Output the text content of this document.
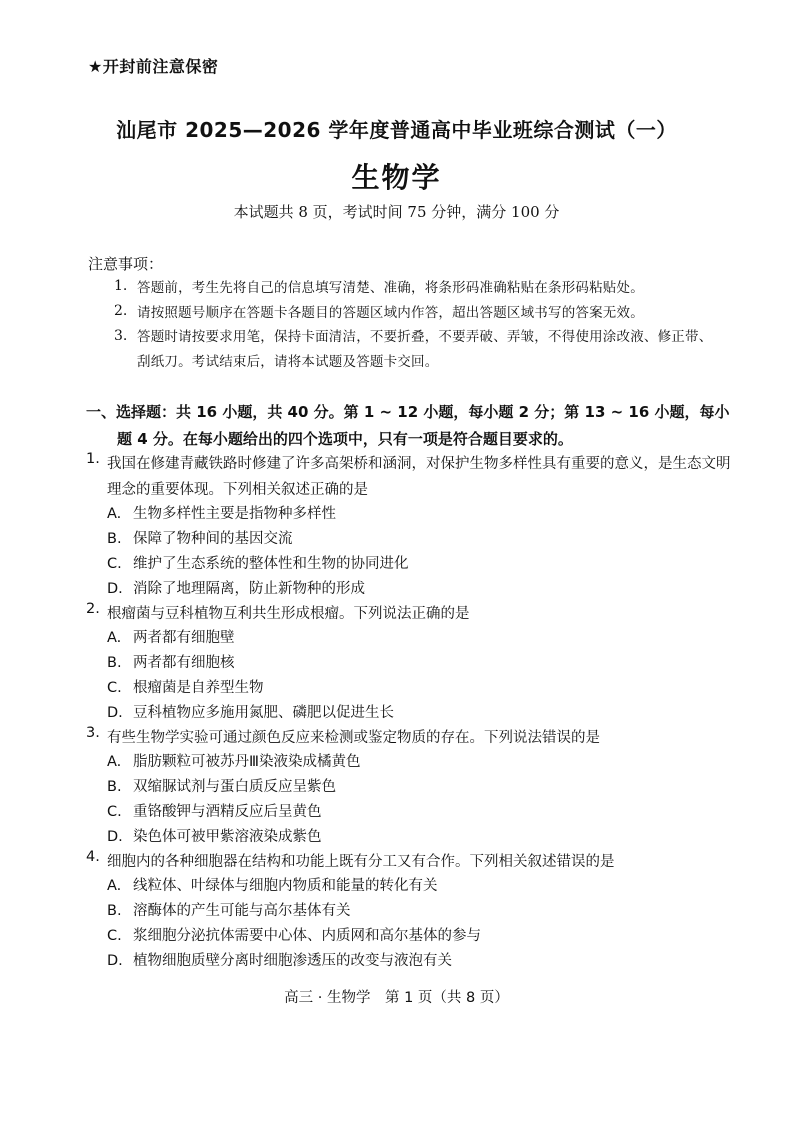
★开封前注意保密
汕尾市 2025—2026 学年度普通高中毕业班综合测试（一）
生物学
本试题共 8 页，考试时间 75 分钟，满分 100 分
注意事项：
1. 答题前，考生先将自己的信息填写清楚、准确，将条形码准确粘贴在条形码粘贴处。
2. 请按照题号顺序在答题卡各题目的答题区域内作答，超出答题区域书写的答案无效。
3. 答题时请按要求用笔，保持卡面清洁，不要折叠，不要弄破、弄皱，不得使用涂改液、修正带、刮纸刀。考试结束后，请将本试题及答题卡交回。
一、选择题：共 16 小题，共 40 分。第 1 ~ 12 小题，每小题 2 分；第 13 ~ 16 小题，每小题 4 分。在每小题给出的四个选项中，只有一项是符合题目要求的。
1. 我国在修建青藏铁路时修建了许多高架桥和涵洞，对保护生物多样性具有重要的意义，是生态文明理念的重要体现。下列相关叙述正确的是
A. 生物多样性主要是指物种多样性
B. 保障了物种间的基因交流
C. 维护了生态系统的整体性和生物的协同进化
D. 消除了地理隔离，防止新物种的形成
2. 根瘤菌与豆科植物互利共生形成根瘤。下列说法正确的是
A. 两者都有细胞壁
B. 两者都有细胞核
C. 根瘤菌是自养型生物
D. 豆科植物应多施用氮肥、磷肥以促进生长
3. 有些生物学实验可通过颜色反应来检测或鉴定物质的存在。下列说法错误的是
A. 脂肪颗粒可被苏丹Ⅲ染液染成橘黄色
B. 双缩脲试剂与蛋白质反应呈紫色
C. 重铬酸钾与酒精反应后呈黄色
D. 染色体可被甲紫溶液染成紫色
4. 细胞内的各种细胞器在结构和功能上既有分工又有合作。下列相关叙述错误的是
A. 线粒体、叶绿体与细胞内物质和能量的转化有关
B. 溶酶体的产生可能与高尔基体有关
C. 浆细胞分泌抗体需要中心体、内质网和高尔基体的参与
D. 植物细胞质壁分离时细胞渗透压的改变与液泡有关
高三 · 生物学　第 1 页（共 8 页）
